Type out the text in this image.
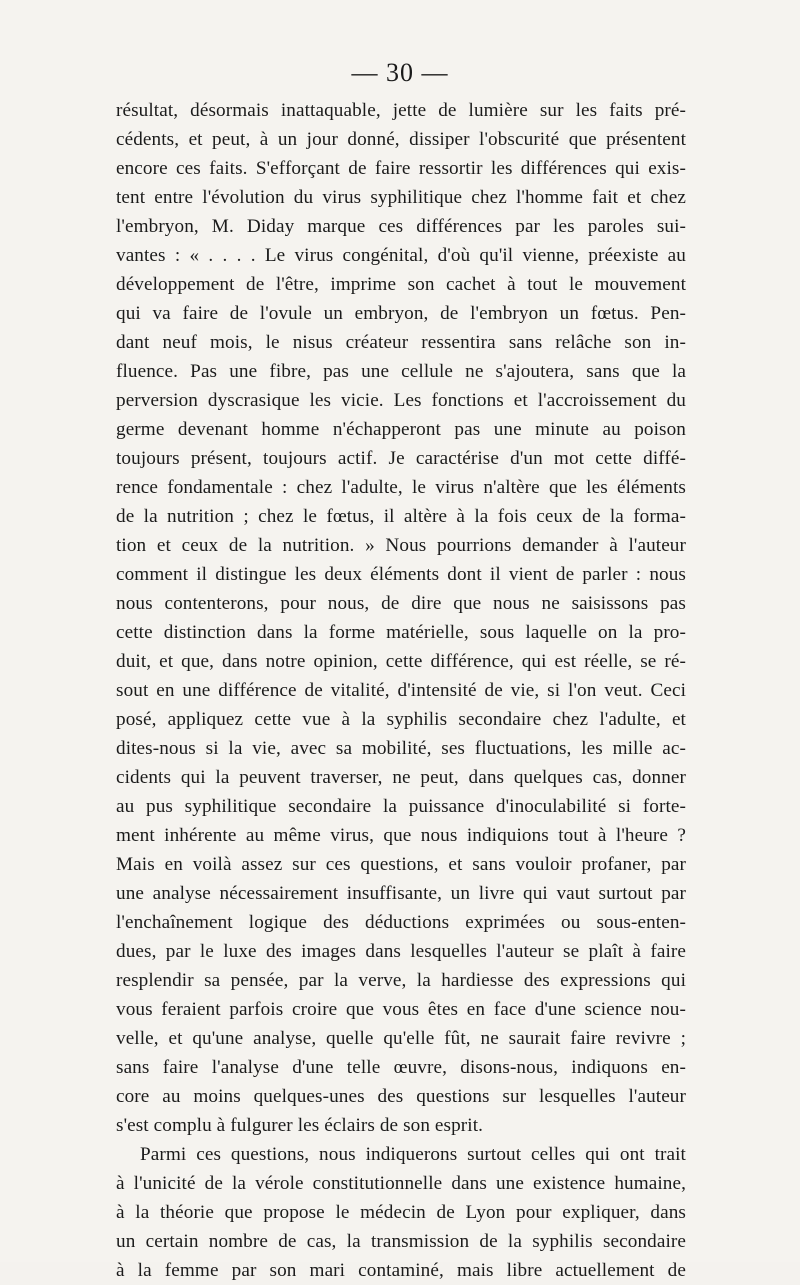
— 30 —
résultat, désormais inattaquable, jette de lumière sur les faits pré-
cédents, et peut, à un jour donné, dissiper l'obscurité que présentent
encore ces faits. S'efforçant de faire ressortir les différences qui exis-
tent entre l'évolution du virus syphilitique chez l'homme fait et chez
l'embryon, M. Diday marque ces différences par les paroles sui-
vantes : « . . . . Le virus congénital, d'où qu'il vienne, préexiste au
développement de l'être, imprime son cachet à tout le mouvement
qui va faire de l'ovule un embryon, de l'embryon un fœtus. Pen-
dant neuf mois, le nisus créateur ressentira sans relâche son in-
fluence. Pas une fibre, pas une cellule ne s'ajoutera, sans que la
perversion dyscrasique les vicie. Les fonctions et l'accroissement du
germe devenant homme n'échapperont pas une minute au poison
toujours présent, toujours actif. Je caractérise d'un mot cette diffé-
rence fondamentale : chez l'adulte, le virus n'altère que les éléments
de la nutrition ; chez le fœtus, il altère à la fois ceux de la forma-
tion et ceux de la nutrition. » Nous pourrions demander à l'auteur
comment il distingue les deux éléments dont il vient de parler : nous
nous contenterons, pour nous, de dire que nous ne saisissons pas
cette distinction dans la forme matérielle, sous laquelle on la pro-
duit, et que, dans notre opinion, cette différence, qui est réelle, se ré-
sout en une différence de vitalité, d'intensité de vie, si l'on veut. Ceci
posé, appliquez cette vue à la syphilis secondaire chez l'adulte, et
dites-nous si la vie, avec sa mobilité, ses fluctuations, les mille ac-
cidents qui la peuvent traverser, ne peut, dans quelques cas, donner
au pus syphilitique secondaire la puissance d'inoculabilité si forte-
ment inhérente au même virus, que nous indiquions tout à l'heure ?
Mais en voilà assez sur ces questions, et sans vouloir profaner, par
une analyse nécessairement insuffisante, un livre qui vaut surtout par
l'enchaînement logique des déductions exprimées ou sous-enten-
dues, par le luxe des images dans lesquelles l'auteur se plaît à faire
resplendir sa pensée, par la verve, la hardiesse des expressions qui
vous feraient parfois croire que vous êtes en face d'une science nou-
velle, et qu'une analyse, quelle qu'elle fût, ne saurait faire revivre ;
sans faire l'analyse d'une telle œuvre, disons-nous, indiquons en-
core au moins quelques-unes des questions sur lesquelles l'auteur
s'est complu à fulgurer les éclairs de son esprit.
Parmi ces questions, nous indiquerons surtout celles qui ont trait
à l'unicité de la vérole constitutionnelle dans une existence humaine,
à la théorie que propose le médecin de Lyon pour expliquer, dans
un certain nombre de cas, la transmission de la syphilis secondaire
à la femme par son mari contaminé, mais libre actuellement de
